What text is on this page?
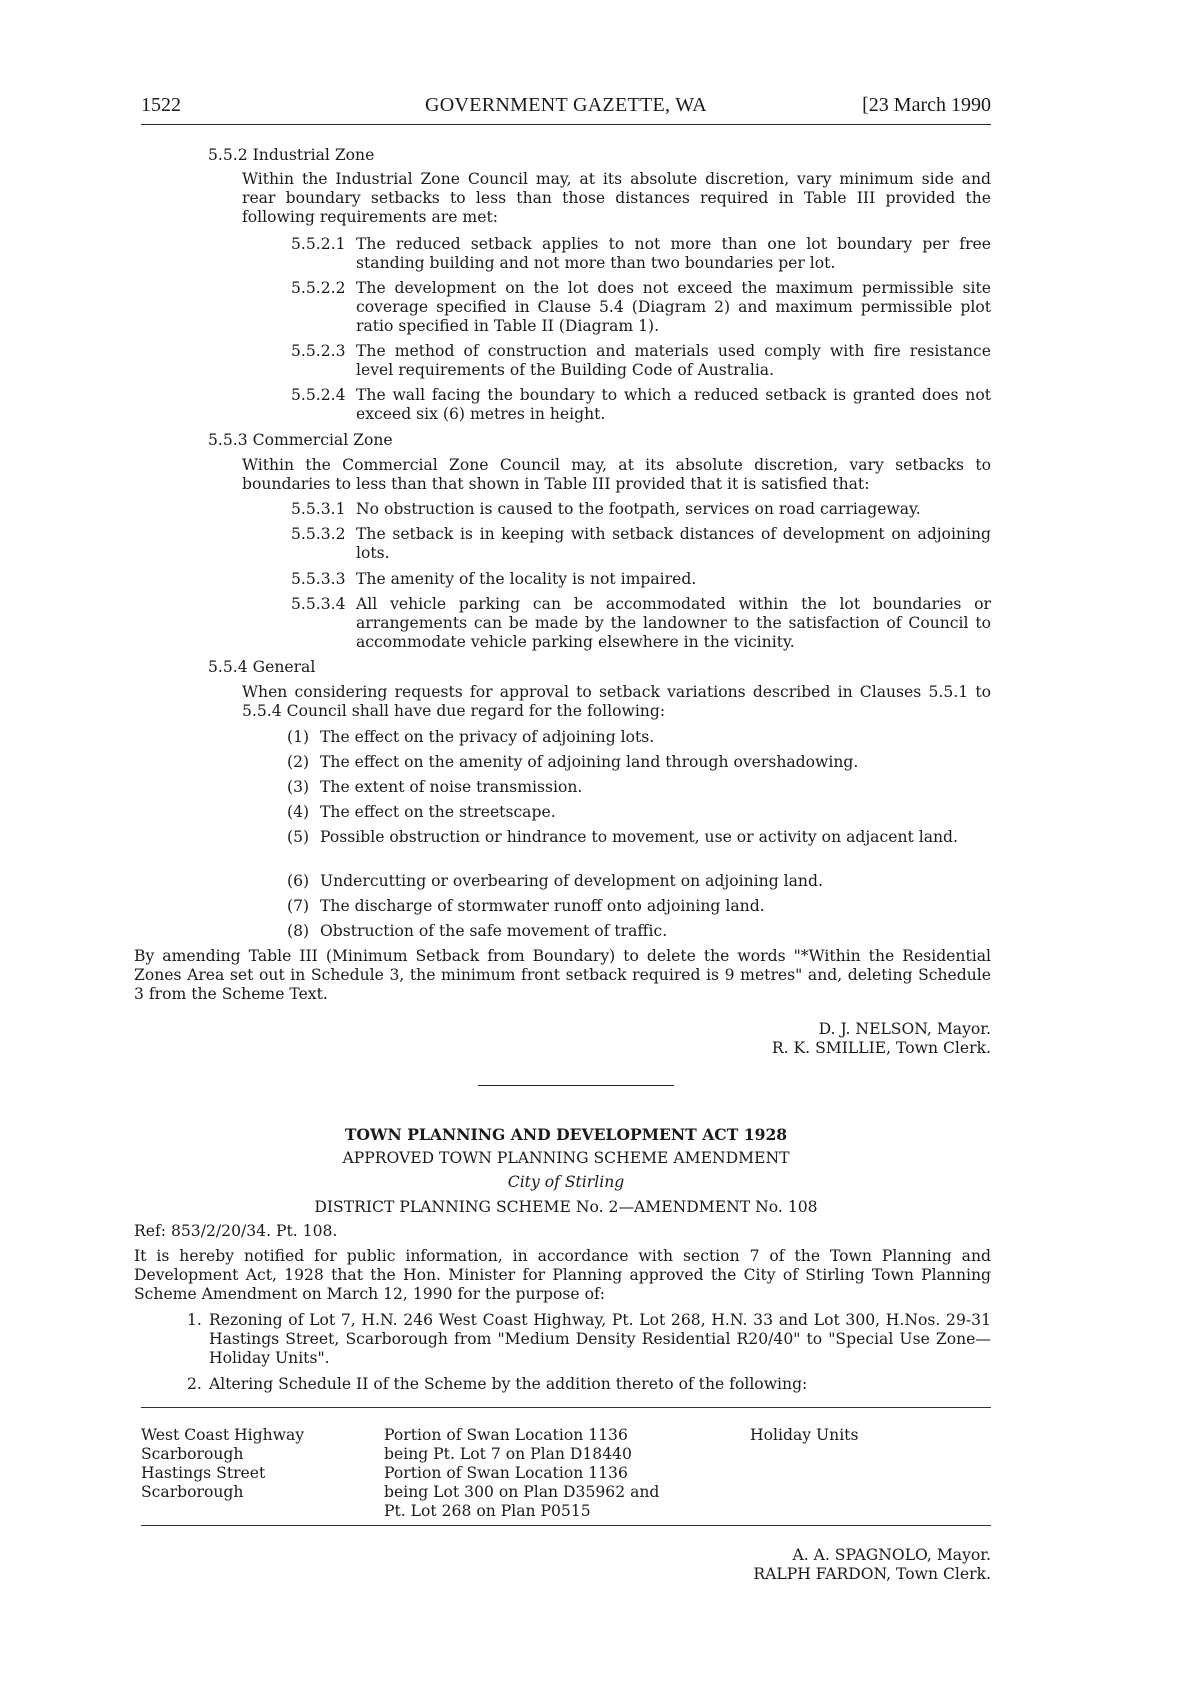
1522	GOVERNMENT GAZETTE, WA	[23 March 1990
5.5.2 Industrial Zone
Within the Industrial Zone Council may, at its absolute discretion, vary minimum side and rear boundary setbacks to less than those distances required in Table III provided the following requirements are met:
5.5.2.1 The reduced setback applies to not more than one lot boundary per free standing building and not more than two boundaries per lot.
5.5.2.2 The development on the lot does not exceed the maximum permissible site coverage specified in Clause 5.4 (Diagram 2) and maximum permissible plot ratio specified in Table II (Diagram 1).
5.5.2.3 The method of construction and materials used comply with fire resistance level requirements of the Building Code of Australia.
5.5.2.4 The wall facing the boundary to which a reduced setback is granted does not exceed six (6) metres in height.
5.5.3 Commercial Zone
Within the Commercial Zone Council may, at its absolute discretion, vary setbacks to boundaries to less than that shown in Table III provided that it is satisfied that:
5.5.3.1 No obstruction is caused to the footpath, services on road carriageway.
5.5.3.2 The setback is in keeping with setback distances of development on adjoining lots.
5.5.3.3 The amenity of the locality is not impaired.
5.5.3.4 All vehicle parking can be accommodated within the lot boundaries or arrangements can be made by the landowner to the satisfaction of Council to accommodate vehicle parking elsewhere in the vicinity.
5.5.4 General
When considering requests for approval to setback variations described in Clauses 5.5.1 to 5.5.4 Council shall have due regard for the following:
(1) The effect on the privacy of adjoining lots.
(2) The effect on the amenity of adjoining land through overshadowing.
(3) The extent of noise transmission.
(4) The effect on the streetscape.
(5) Possible obstruction or hindrance to movement, use or activity on adjacent land.
(6) Undercutting or overbearing of development on adjoining land.
(7) The discharge of stormwater runoff onto adjoining land.
(8) Obstruction of the safe movement of traffic.
By amending Table III (Minimum Setback from Boundary) to delete the words "*Within the Residential Zones Area set out in Schedule 3, the minimum front setback required is 9 metres" and, deleting Schedule 3 from the Scheme Text.
D. J. NELSON, Mayor.
R. K. SMILLIE, Town Clerk.
TOWN PLANNING AND DEVELOPMENT ACT 1928
APPROVED TOWN PLANNING SCHEME AMENDMENT
City of Stirling
DISTRICT PLANNING SCHEME No. 2—AMENDMENT No. 108
Ref: 853/2/20/34. Pt. 108.
It is hereby notified for public information, in accordance with section 7 of the Town Planning and Development Act, 1928 that the Hon. Minister for Planning approved the City of Stirling Town Planning Scheme Amendment on March 12, 1990 for the purpose of:
1. Rezoning of Lot 7, H.N. 246 West Coast Highway, Pt. Lot 268, H.N. 33 and Lot 300, H.Nos. 29-31 Hastings Street, Scarborough from "Medium Density Residential R20/40" to "Special Use Zone—Holiday Units".
2. Altering Schedule II of the Scheme by the addition thereto of the following:
West Coast Highway
Scarborough
Hastings Street
Scarborough
Portion of Swan Location 1136
being Pt. Lot 7 on Plan D18440
Portion of Swan Location 1136
being Lot 300 on Plan D35962 and
Pt. Lot 268 on Plan P0515
Holiday Units
A. A. SPAGNOLO, Mayor.
RALPH FARDON, Town Clerk.
